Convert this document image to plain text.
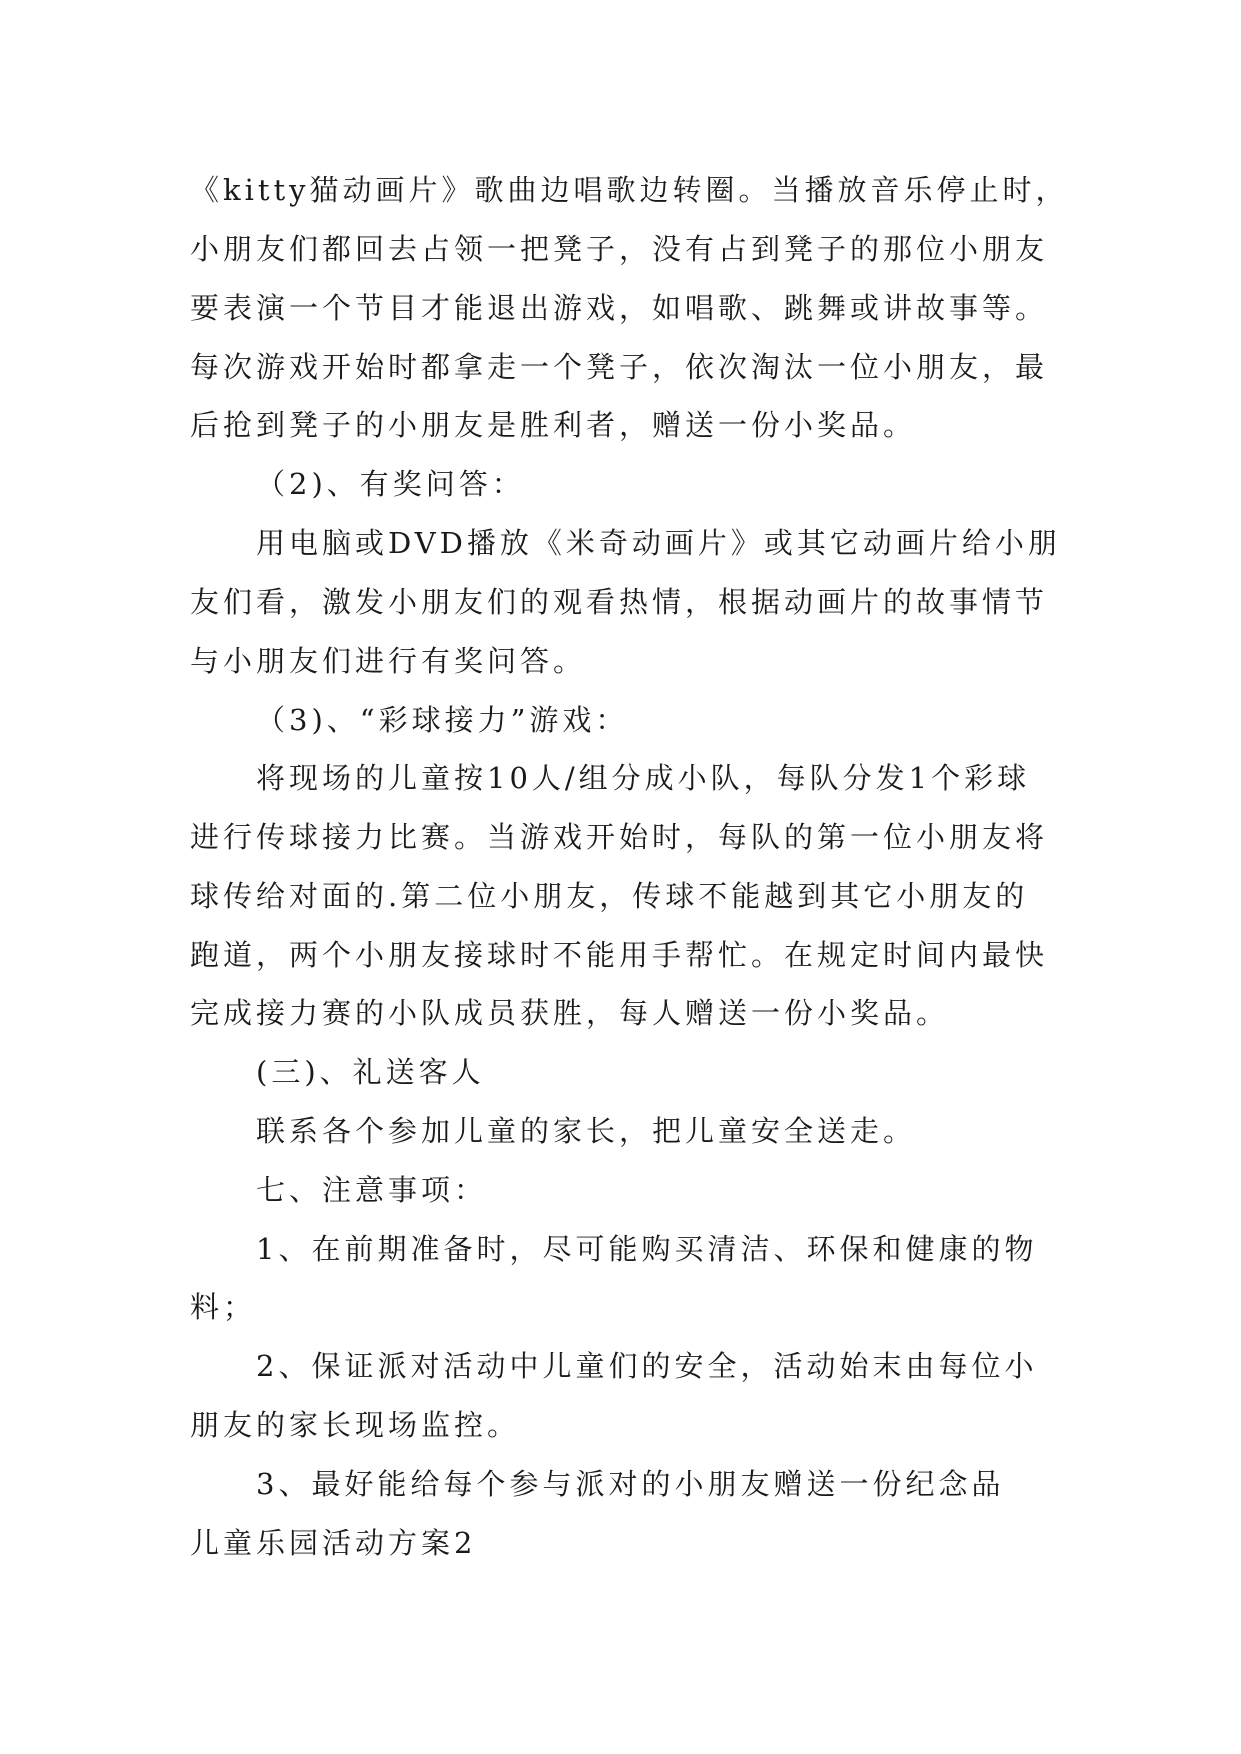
《kitty猫动画片》歌曲边唱歌边转圈。当播放音乐停止时，
小朋友们都回去占领一把凳子，没有占到凳子的那位小朋友
要表演一个节目才能退出游戏，如唱歌、跳舞或讲故事等。
每次游戏开始时都拿走一个凳子，依次淘汰一位小朋友，最
后抢到凳子的小朋友是胜利者，赠送一份小奖品。
（2)、有奖问答：
用电脑或DVD播放《米奇动画片》或其它动画片给小朋
友们看，激发小朋友们的观看热情，根据动画片的故事情节
与小朋友们进行有奖问答。
（3)、“彩球接力”游戏：
将现场的儿童按10人/组分成小队，每队分发1个彩球
进行传球接力比赛。当游戏开始时，每队的第一位小朋友将
球传给对面的.第二位小朋友，传球不能越到其它小朋友的
跑道，两个小朋友接球时不能用手帮忙。在规定时间内最快
完成接力赛的小队成员获胜，每人赠送一份小奖品。
(三)、礼送客人
联系各个参加儿童的家长，把儿童安全送走。
七、注意事项：
1、在前期准备时，尽可能购买清洁、环保和健康的物
料；
2、保证派对活动中儿童们的安全，活动始末由每位小
朋友的家长现场监控。
3、最好能给每个参与派对的小朋友赠送一份纪念品
儿童乐园活动方案2
